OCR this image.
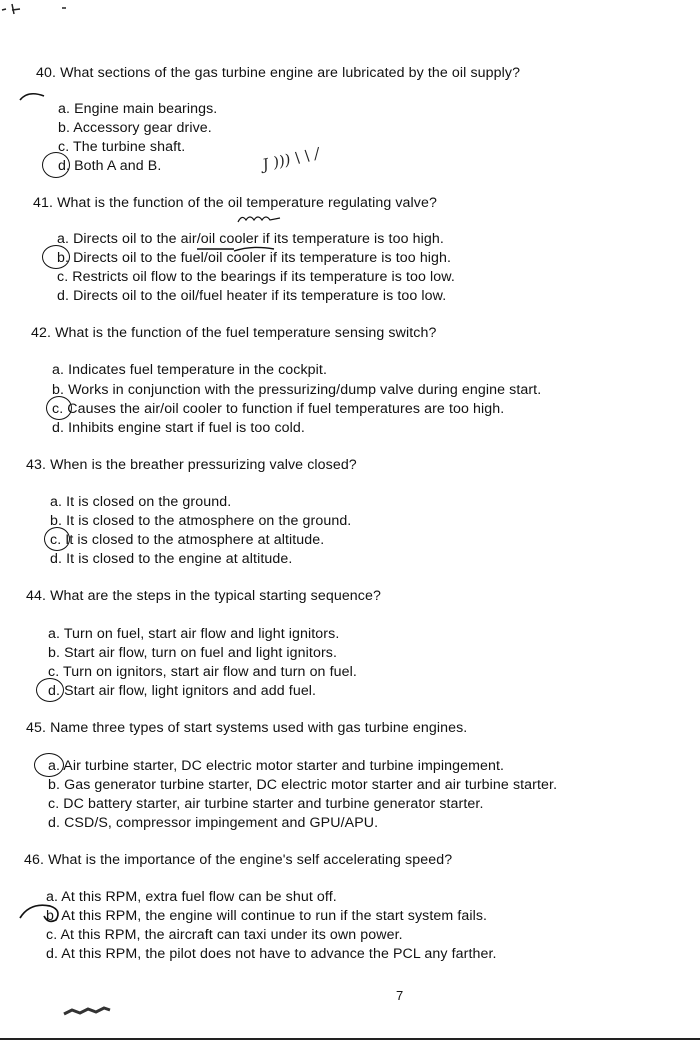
40. What sections of the gas turbine engine are lubricated by the oil supply?
a. Engine main bearings.
b. Accessory gear drive.
c. The turbine shaft.
d. Both A and B.	J ))) \ \ /
41. What is the function of the oil temperature regulating valve?
a. Directs oil to the air/oil cooler if its temperature is too high.
b. Directs oil to the fuel/oil cooler if its temperature is too high.
c. Restricts oil flow to the bearings if its temperature is too low.
d. Directs oil to the oil/fuel heater if its temperature is too low.
42. What is the function of the fuel temperature sensing switch?
a. Indicates fuel temperature in the cockpit.
b. Works in conjunction with the pressurizing/dump valve during engine start.
c. Causes the air/oil cooler to function if fuel temperatures are too high.
d. Inhibits engine start if fuel is too cold.
43. When is the breather pressurizing valve closed?
a. It is closed on the ground.
b. It is closed to the atmosphere on the ground.
c. It is closed to the atmosphere at altitude.
d. It is closed to the engine at altitude.
44. What are the steps in the typical starting sequence?
a. Turn on fuel, start air flow and light ignitors.
b. Start air flow, turn on fuel and light ignitors.
c. Turn on ignitors, start air flow and turn on fuel.
d. Start air flow, light ignitors and add fuel.
45. Name three types of start systems used with gas turbine engines.
a. Air turbine starter, DC electric motor starter and turbine impingement.
b. Gas generator turbine starter, DC electric motor starter and air turbine starter.
c. DC battery starter, air turbine starter and turbine generator starter.
d. CSD/S, compressor impingement and GPU/APU.
46. What is the importance of the engine's self accelerating speed?
a. At this RPM, extra fuel flow can be shut off.
b. At this RPM, the engine will continue to run if the start system fails.
c. At this RPM, the aircraft can taxi under its own power.
d. At this RPM, the pilot does not have to advance the PCL any farther.
7
